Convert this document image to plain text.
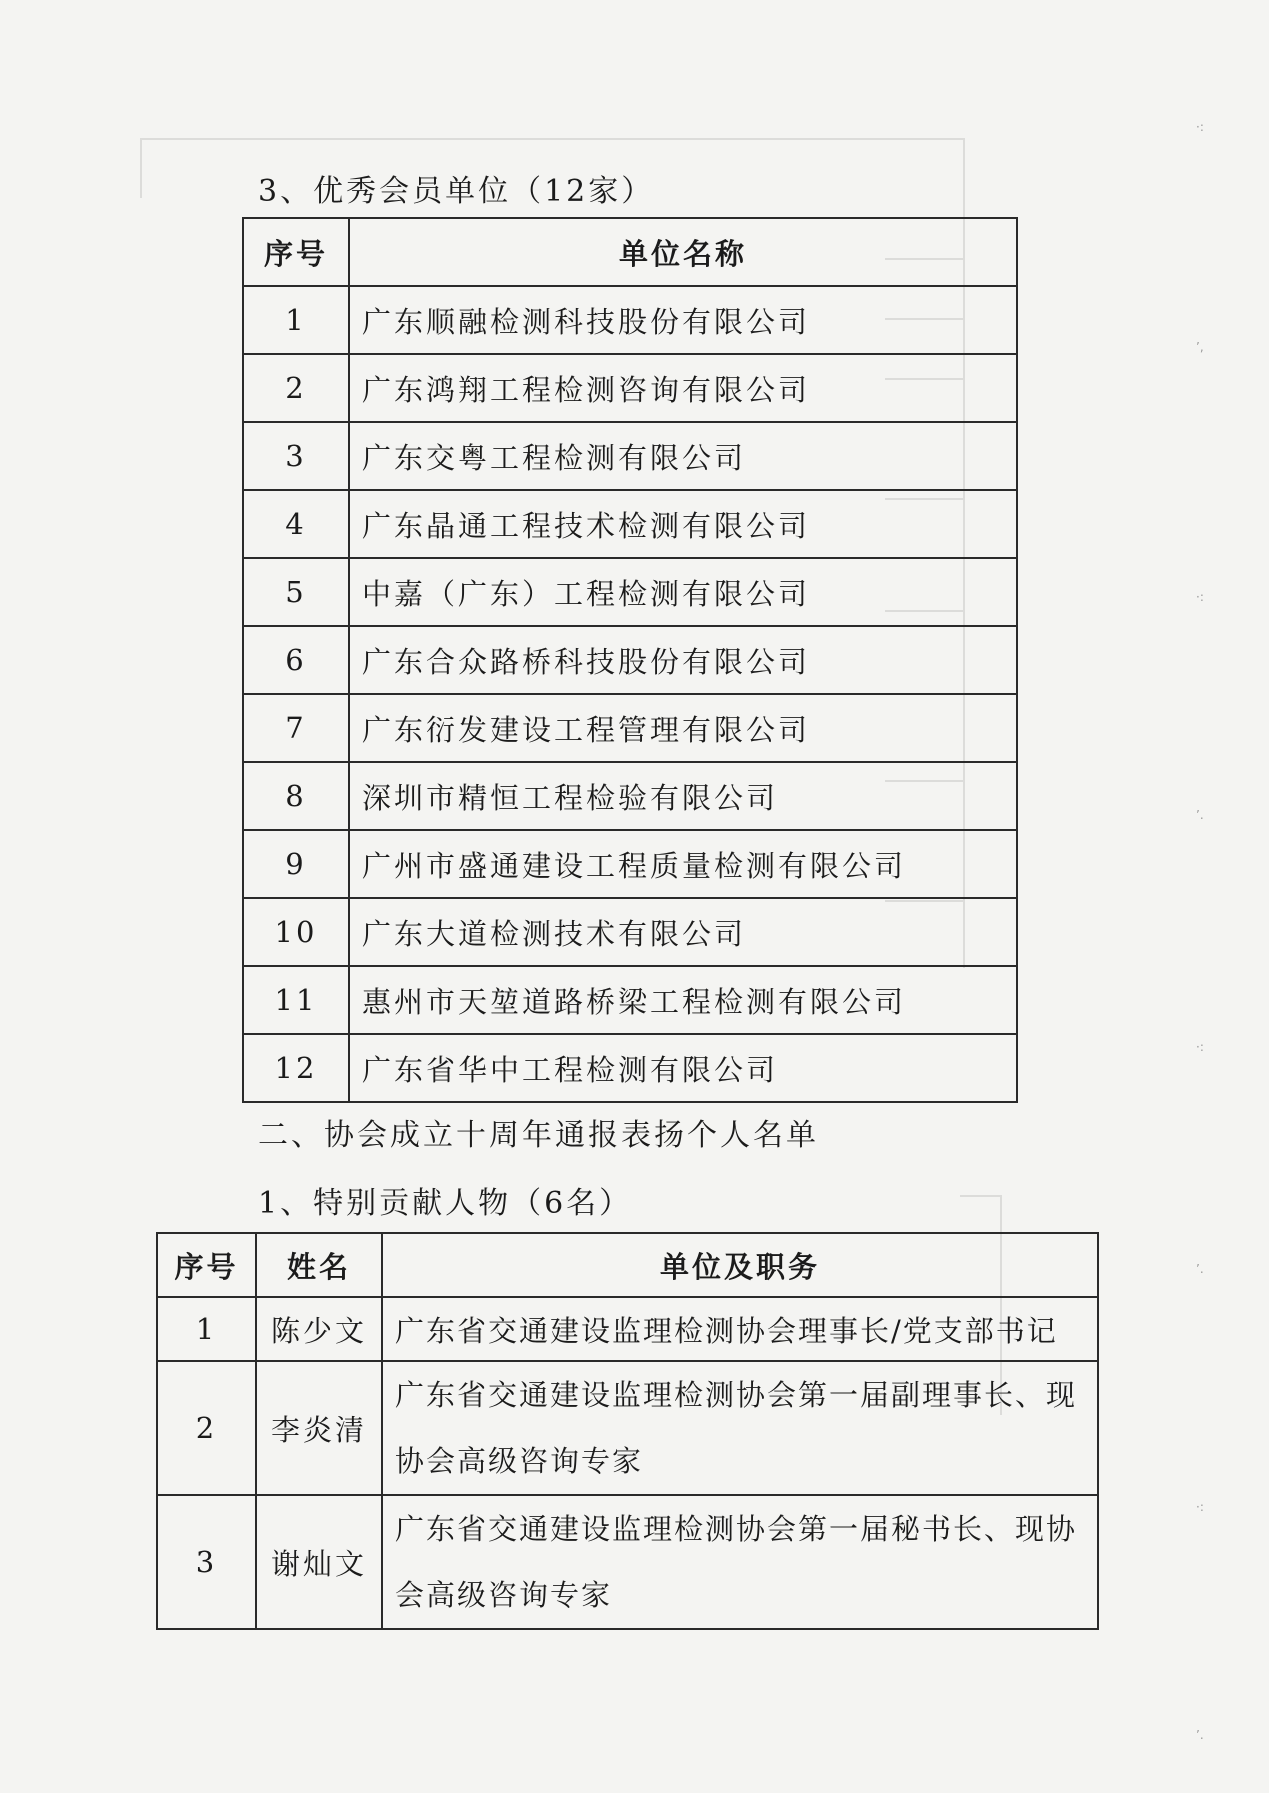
·:
’,
·:
’.
·:
’.
·:
’.
3、优秀会员单位（12家）
序号	单位名称
1	广东顺融检测科技股份有限公司
2	广东鸿翔工程检测咨询有限公司
3	广东交粤工程检测有限公司
4	广东晶通工程技术检测有限公司
5	中嘉（广东）工程检测有限公司
6	广东合众路桥科技股份有限公司
7	广东衍发建设工程管理有限公司
8	深圳市精恒工程检验有限公司
9	广州市盛通建设工程质量检测有限公司
10	广东大道检测技术有限公司
11	惠州市天堃道路桥梁工程检测有限公司
12	广东省华中工程检测有限公司
二、协会成立十周年通报表扬个人名单
1、特别贡献人物（6名）
序号	姓名	单位及职务
1	陈少文	广东省交通建设监理检测协会理事长/党支部书记
2	李炎清	广东省交通建设监理检测协会第一届副理事长、现协会高级咨询专家
3	谢灿文	广东省交通建设监理检测协会第一届秘书长、现协会高级咨询专家
